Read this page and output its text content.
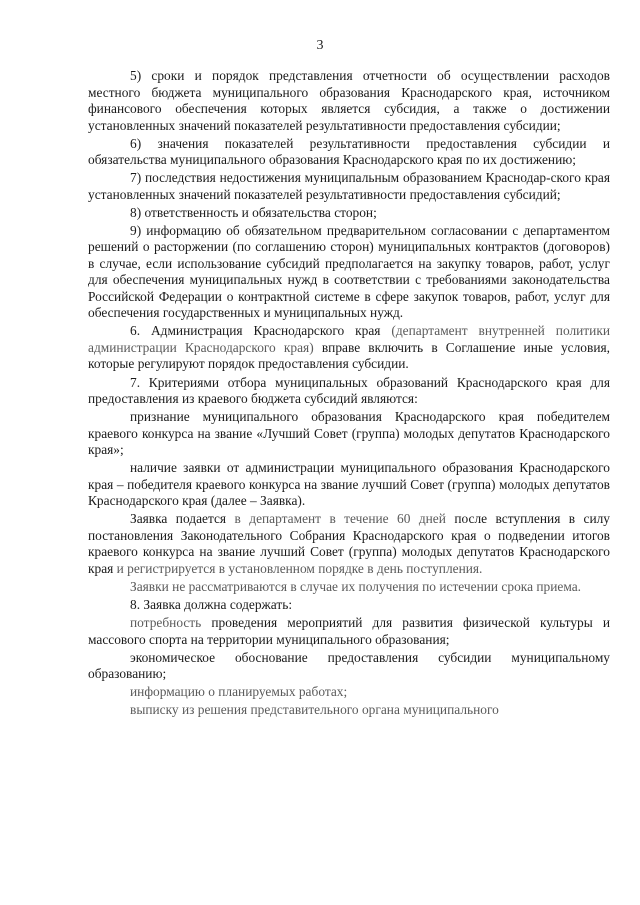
3

5) сроки и порядок представления отчетности об осуществлении расходов местного бюджета муниципального образования Краснодарского края, источником финансового обеспечения которых является субсидия, а также о достижении установленных значений показателей результативности предоставления субсидии;

6) значения показателей результативности предоставления субсидии и обязательства муниципального образования Краснодарского края по их достижению;

7) последствия недостижения муниципальным образованием Краснодар-ского края установленных значений показателей результативности предоставления субсидий;

8) ответственность и обязательства сторон;

9) информацию об обязательном предварительном согласовании с департаментом решений о расторжении (по соглашению сторон) муниципальных контрактов (договоров) в случае, если использование субсидий предполагается на закупку товаров, работ, услуг для обеспечения муниципальных нужд в соответствии с требованиями законодательства Российской Федерации о контрактной системе в сфере закупок товаров, работ, услуг для обеспечения государственных и муниципальных нужд.

6. Администрация Краснодарского края (департамент внутренней политики администрации Краснодарского края) вправе включить в Соглашение иные условия, которые регулируют порядок предоставления субсидии.

7. Критериями отбора муниципальных образований Краснодарского края для предоставления из краевого бюджета субсидий являются:

признание муниципального образования Краснодарского края победителем краевого конкурса на звание «Лучший Совет (группа) молодых депутатов Краснодарского края»;

наличие заявки от администрации муниципального образования Краснодарского края – победителя краевого конкурса на звание лучший Совет (группа) молодых депутатов Краснодарского края (далее – Заявка).

Заявка подается в департамент в течение 60 дней после вступления в силу постановления Законодательного Собрания Краснодарского края о подведении итогов краевого конкурса на звание лучший Совет (группа) молодых депутатов Краснодарского края и регистрируется в установленном порядке в день поступления.

Заявки не рассматриваются в случае их получения по истечении срока приема.

8. Заявка должна содержать:

потребность проведения мероприятий для развития физической культуры и массового спорта на территории муниципального образования;

экономическое обоснование предоставления субсидии муниципальному образованию;

информацию о планируемых работах;

выписку из решения представительного органа муниципального
